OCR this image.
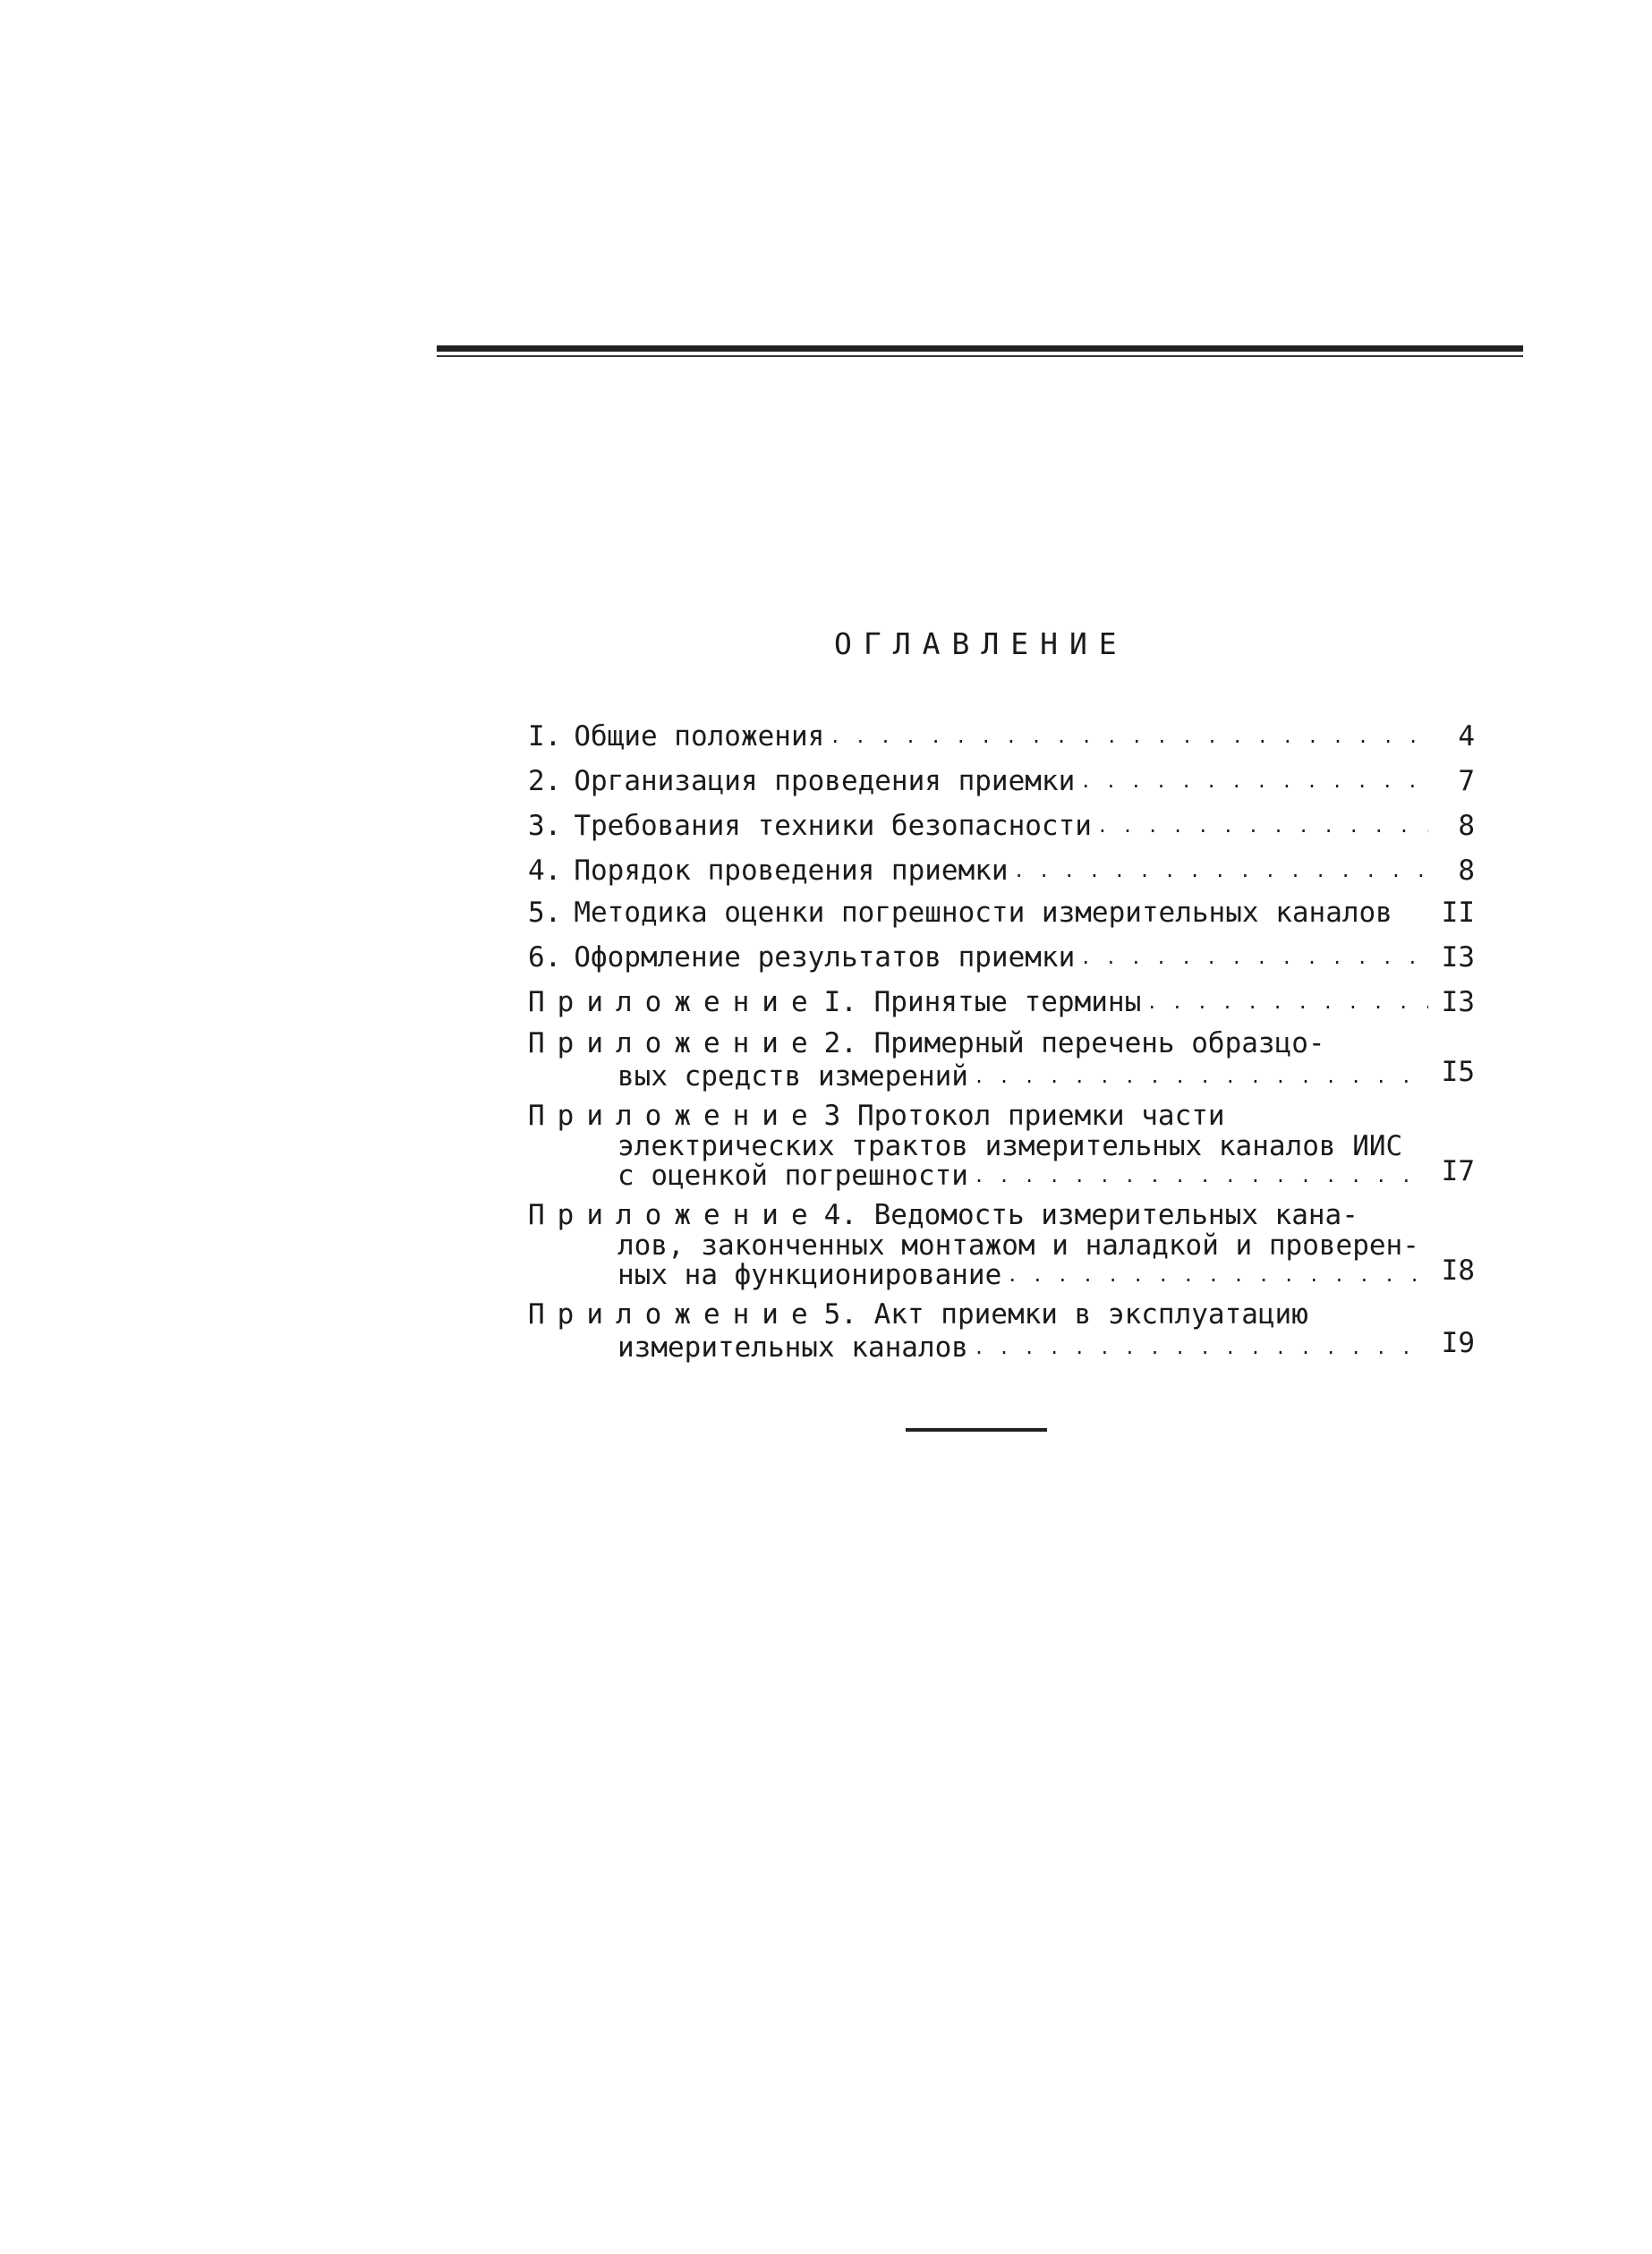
ОГЛАВЛЕНИЕ
I. Общие положения . . .	4
2. Организация проведения приемки . . .	7
3. Требования техники безопасности . . .	8
4. Порядок проведения приемки . . .	8
5. Методика оценки погрешности измерительных каналов II
6. Оформление результатов приемки . . .	I3
Приложение I. Принятые термины . . .	I3
Приложение 2. Примерный перечень образцо-
вых средств измерений . . .	I5
Приложение 3 Протокол приемки части
электрических трактов измерительных каналов ИИС
с оценкой погрешности . . .	I7
Приложение 4. Ведомость измерительных кана-
лов, законченных монтажом и наладкой и проверен-
ных на функционирование . . .	I8
Приложение 5. Акт приемки в эксплуатацию
измерительных каналов . . .	I9
